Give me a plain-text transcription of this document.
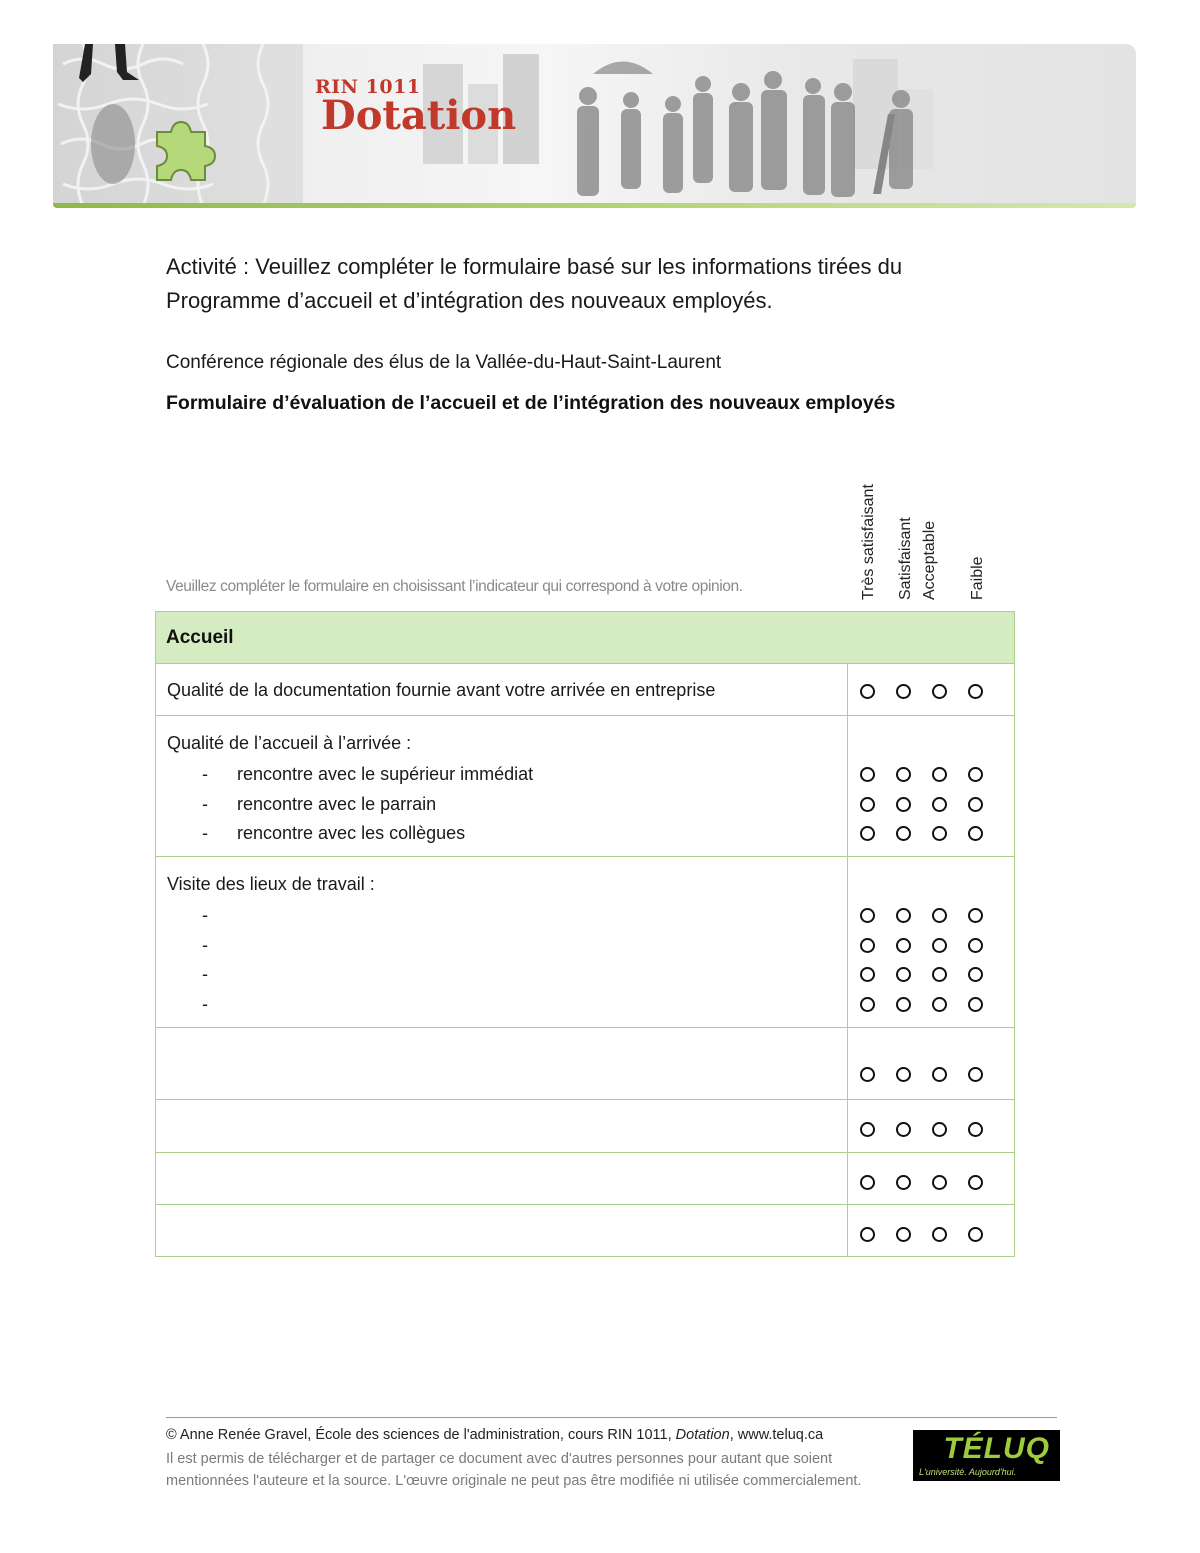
RIN 1011
Dotation
Activité : Veuillez compléter le formulaire basé sur les informations tirées du
Programme d’accueil et d’intégration des nouveaux employés.
Conférence régionale des élus de la Vallée-du-Haut-Saint-Laurent
Formulaire d’évaluation de l’accueil et de l’intégration des nouveaux employés
Veuillez compléter le formulaire en choisissant l’indicateur qui correspond à votre opinion.	Très satisfaisant Satisfaisant Acceptable Faible
Accueil
Qualité de la documentation fournie avant votre arrivée en entreprise
Qualité de l’accueil à l’arrivée :
- rencontre avec le supérieur immédiat
- rencontre avec le parrain
- rencontre avec les collègues
Visite des lieux de travail :
-
-
-
-
© Anne Renée Gravel, École des sciences de l'administration, cours RIN 1011, Dotation, www.teluq.ca
Il est permis de télécharger et de partager ce document avec d'autres personnes pour autant que soient mentionnées l'auteure et la source. L'œuvre originale ne peut pas être modifiée ni utilisée commercialement.
TÉLUQ
L'université. Aujourd'hui.
